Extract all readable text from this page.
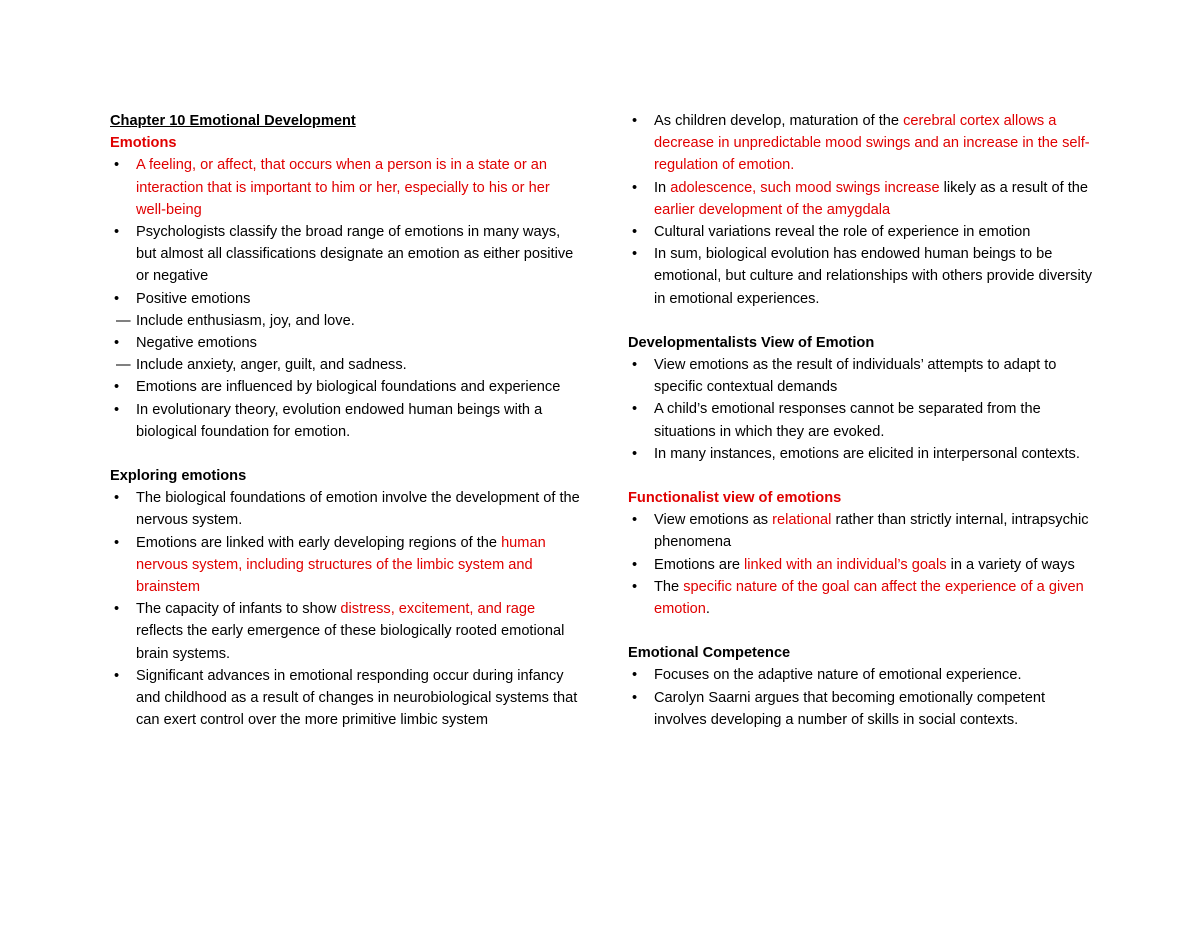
Chapter 10 Emotional Development
Emotions
• A feeling, or affect, that occurs when a person is in a state or an interaction that is important to him or her, especially to his or her well-being
• Psychologists classify the broad range of emotions in many ways, but almost all classifications designate an emotion as either positive or negative
• Positive emotions
— Include enthusiasm, joy, and love.
• Negative emotions
— Include anxiety, anger, guilt, and sadness.
• Emotions are influenced by biological foundations and experience
• In evolutionary theory, evolution endowed human beings with a biological foundation for emotion.
Exploring emotions
• The biological foundations of emotion involve the development of the nervous system.
• Emotions are linked with early developing regions of the human nervous system, including structures of the limbic system and brainstem
• The capacity of infants to show distress, excitement, and rage reflects the early emergence of these biologically rooted emotional brain systems.
• Significant advances in emotional responding occur during infancy and childhood as a result of changes in neurobiological systems that can exert control over the more primitive limbic system
• As children develop, maturation of the cerebral cortex allows a decrease in unpredictable mood swings and an increase in the self-regulation of emotion.
• In adolescence, such mood swings increase likely as a result of the earlier development of the amygdala
• Cultural variations reveal the role of experience in emotion
• In sum, biological evolution has endowed human beings to be emotional, but culture and relationships with others provide diversity in emotional experiences.
Developmentalists View of Emotion
• View emotions as the result of individuals’ attempts to adapt to specific contextual demands
• A child’s emotional responses cannot be separated from the situations in which they are evoked.
• In many instances, emotions are elicited in interpersonal contexts.
Functionalist view of emotions
• View emotions as relational rather than strictly internal, intrapsychic phenomena
• Emotions are linked with an individual’s goals in a variety of ways
• The specific nature of the goal can affect the experience of a given emotion.
Emotional Competence
• Focuses on the adaptive nature of emotional experience.
• Carolyn Saarni argues that becoming emotionally competent involves developing a number of skills in social contexts.
